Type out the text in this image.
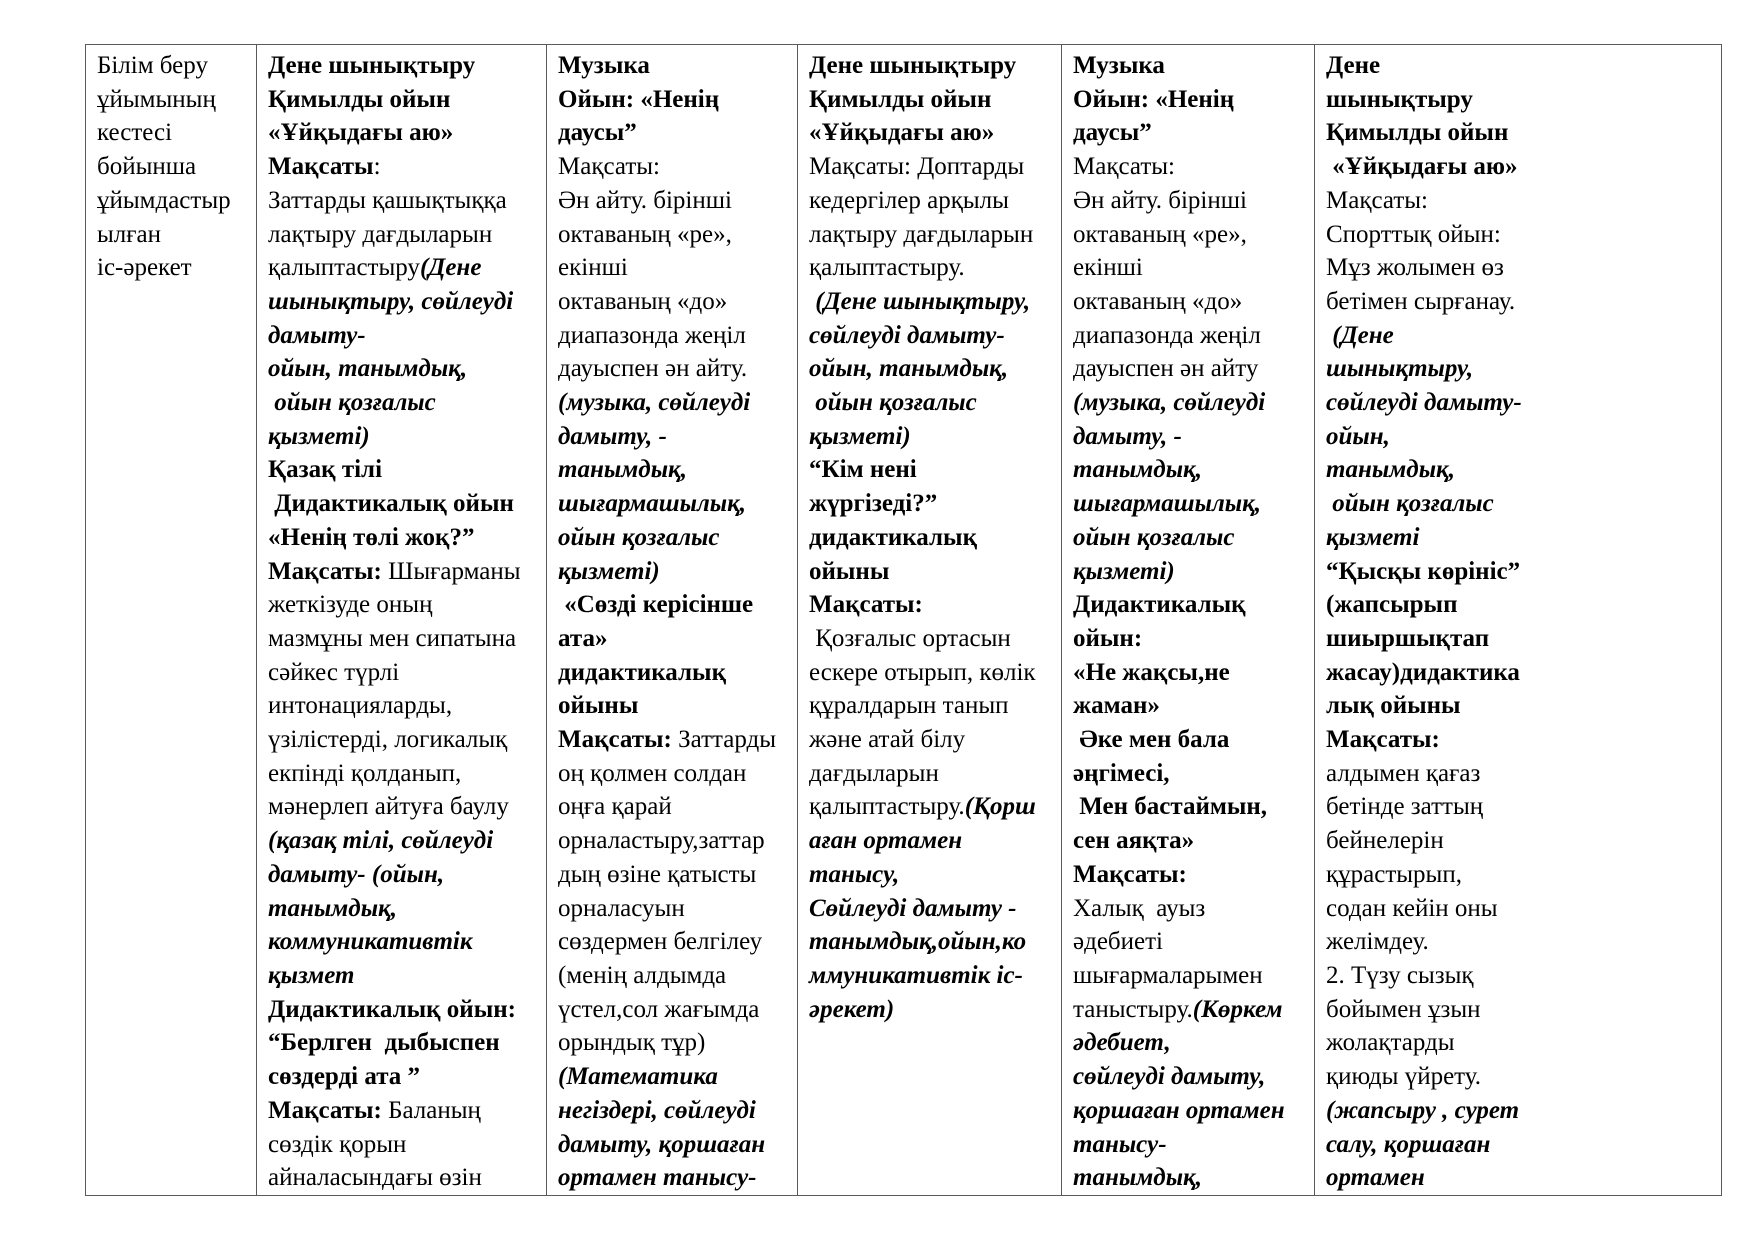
Білім беру
ұйымының
кестесі
бойынша
ұйымдастыр
ылған
іс-әрекет

Дене шынықтыру
Қимылды ойын
«Ұйқыдағы аю»
Мақсаты:
Заттарды қашықтыққа
лақтыру дағдыларын
қалыптастыру(Дене
шынықтыру, сөйлеуді
дамыту-
ойын, танымдық,
ойын қозғалыс
қызметі)
Қазақ тілі
Дидактикалық ойын
«Ненің төлі жоқ?”
Мақсаты: Шығарманы
жеткізуде оның
мазмұны мен сипатына
сәйкес түрлі
интонацияларды,
үзілістерді, логикалық
екпінді қолданып,
мәнерлеп айтуға баулу
(қазақ тілі, сөйлеуді
дамыту- (ойын,
танымдық,
коммуникативтік
қызмет
Дидактикалық ойын:
“Берлген  дыбыспен
сөздерді ата ”
Мақсаты: Баланың
сөздік қорын
айналасындағы өзін

Музыка
Ойын: «Ненің
даусы”
Мақсаты:
Ән айту. бірінші
октаваның «ре»,
екінші
октаваның «до»
диапазонда жеңіл
дауыспен ән айту.
(музыка, сөйлеуді
дамыту, -
танымдық,
шығармашылық,
ойын қозғалыс
қызметі)
«Сөзді керісінше
ата»
дидактикалық
ойыны
Мақсаты: Заттарды
оң қолмен солдан
оңға қарай
орналастыру,заттар
дың өзіне қатысты
орналасуын
сөздермен белгілеу
(менің алдымда
үстел,сол жағымда
орындық тұр)
(Математика
негіздері, сөйлеуді
дамыту, қоршаған
ортамен танысу-

Дене шынықтыру
Қимылды ойын
«Ұйқыдағы аю»
Мақсаты: Доптарды
кедергілер арқылы
лақтыру дағдыларын
қалыптастыру.
(Дене шынықтыру,
сөйлеуді дамыту-
ойын, танымдық,
ойын қозғалыс
қызметі)
“Кім нені
жүргізеді?”
дидактикалық
ойыны
Мақсаты:
Қозғалыс ортасын
ескере отырып, көлік
құралдарын танып
және атай білу
дағдыларын
қалыптастыру.(Қорш
аған ортамен
танысу,
Сөйлеуді дамыту -
танымдық,ойын,ко
ммуникативтік іс-
әрекет)

Музыка
Ойын: «Ненің
даусы”
Мақсаты:
Ән айту. бірінші
октаваның «ре»,
екінші
октаваның «до»
диапазонда жеңіл
дауыспен ән айту
(музыка, сөйлеуді
дамыту, -
танымдық,
шығармашылық,
ойын қозғалыс
қызметі)
Дидактикалық
ойын:
«Не жақсы,не
жаман»
Әке мен бала
әңгімесі,
Мен бастаймын,
сен аяқта»
Мақсаты:
Халық  ауыз
әдебиеті
шығармаларымен
таныстыру.(Көркем
әдебиет,
сөйлеуді дамыту,
қоршаған ортамен
танысу-
танымдық,

Дене
шынықтыру
Қимылды ойын
«Ұйқыдағы аю»
Мақсаты:
Спорттық ойын:
Мұз жолымен өз
бетімен сырғанау.
(Дене
шынықтыру,
сөйлеуді дамыту-
ойын,
танымдық,
ойын қозғалыс
қызметі
“Қысқы көрініс”
(жапсырып
шиыршықтап
жасау)дидактика
лық ойыны
Мақсаты:
алдымен қағаз
бетінде заттың
бейнелерін
құрастырып,
содан кейін оны
желімдеу.
2. Түзу сызық
бойымен ұзын
жолақтарды
қиюды үйрету.
(жапсыру , сурет
салу, қоршаған
ортамен
